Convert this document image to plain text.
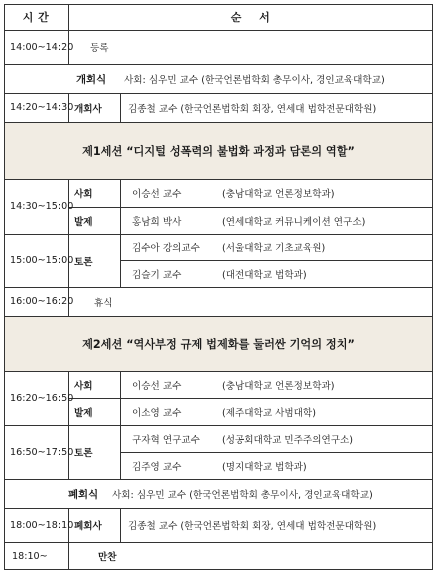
시 간	순    서
14:00~14:20 등록
개회식 사회: 심우민 교수 (한국언론법학회 총무이사, 경인교육대학교)
14:20~14:30 개회사	김종철 교수 (한국언론법학회 회장, 연세대 법학전문대학원)
제1세션 “디지털 성폭력의 불법화 과정과 담론의 역할”
14:30~15:00
사회	이승선 교수	(충남대학교 언론정보학과)
발제	홍남희 박사	(연세대학교 커뮤니케이션 연구소)
15:00~15:00 토론
김수아 강의교수 (서울대학교 기초교육원)
김슬기 교수	(대전대학교 법학과)
16:00~16:20 휴식
제2세션 “역사부정 규제 법제화를 둘러싼 기억의 정치”
16:20~16:50
사회	이승선 교수	(충남대학교 언론정보학과)
발제	이소영 교수	(제주대학교 사범대학)
16:50~17:50 토론
구자혁 연구교수 (성공회대학교 민주주의연구소)
김주영 교수	(명지대학교 법학과)
폐회식 사회: 심우민 교수 (한국언론법학회 총무이사, 경인교육대학교)
18:00~18:10 폐회사	김종철 교수 (한국언론법학회 회장, 연세대 법학전문대학원)
18:10~	만찬
